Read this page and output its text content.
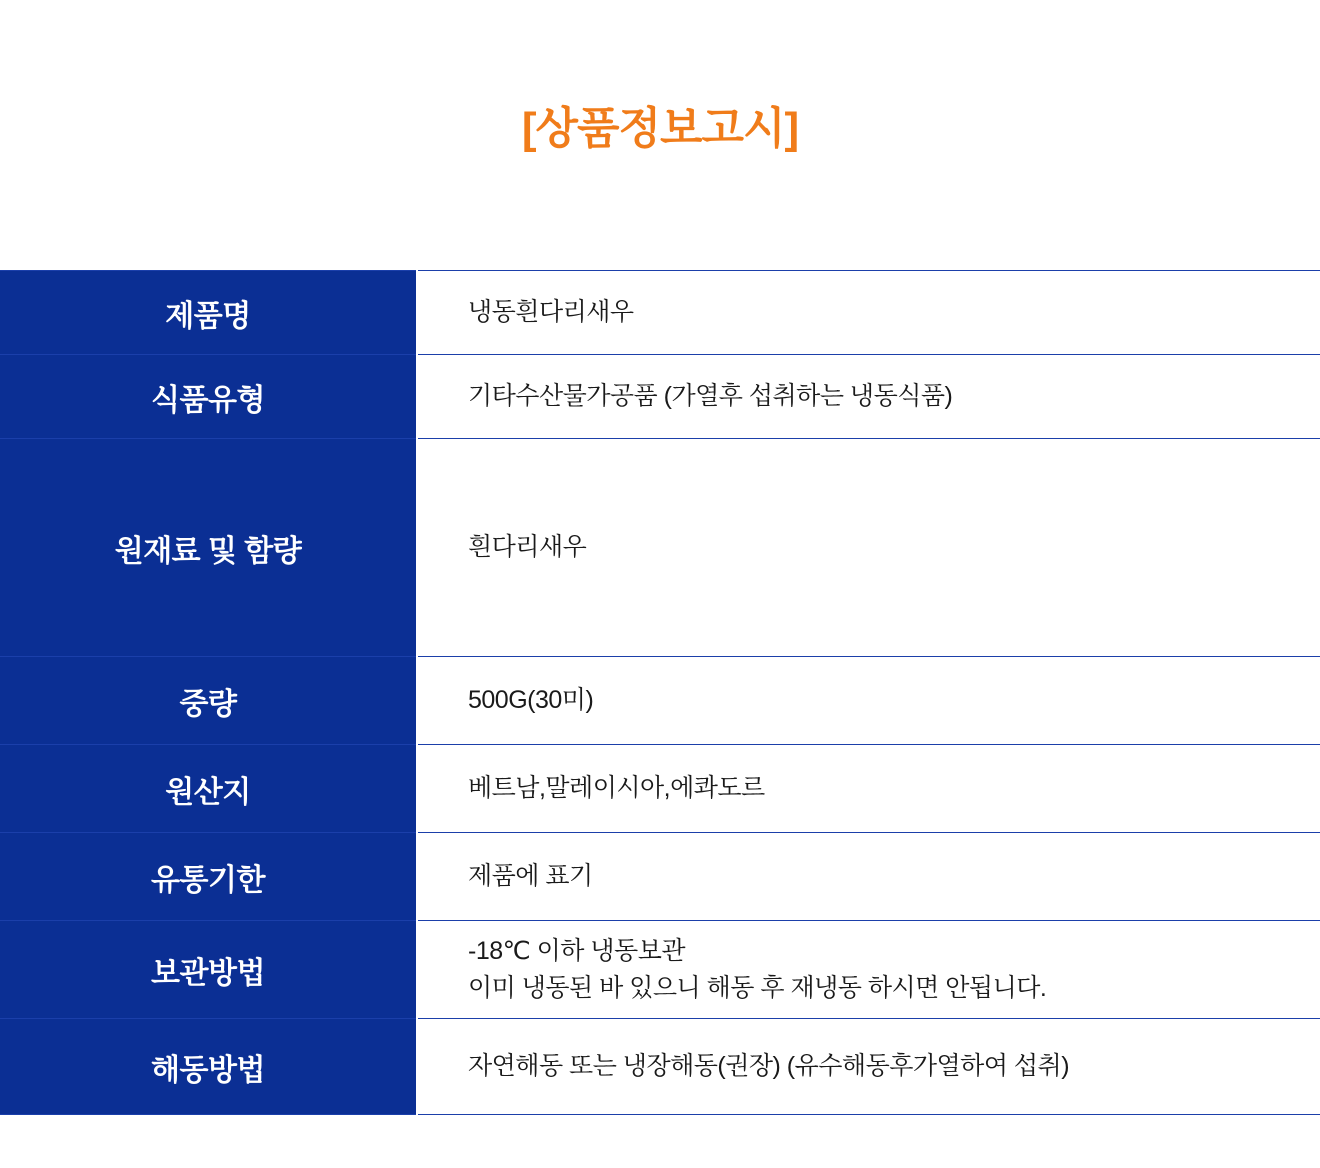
[상품정보고시]
제품명	냉동흰다리새우
식품유형	기타수산물가공품 (가열후 섭취하는 냉동식품)
원재료 및 함량	흰다리새우
중량	500G(30미)
원산지	베트남,말레이시아,에콰도르
유통기한	제품에 표기
보관방법	-18℃ 이하 냉동보관
이미 냉동된 바 있으니 해동 후 재냉동 하시면 안됩니다.

해동방법	자연해동 또는 냉장해동(권장) (유수해동후가열하여 섭취)
